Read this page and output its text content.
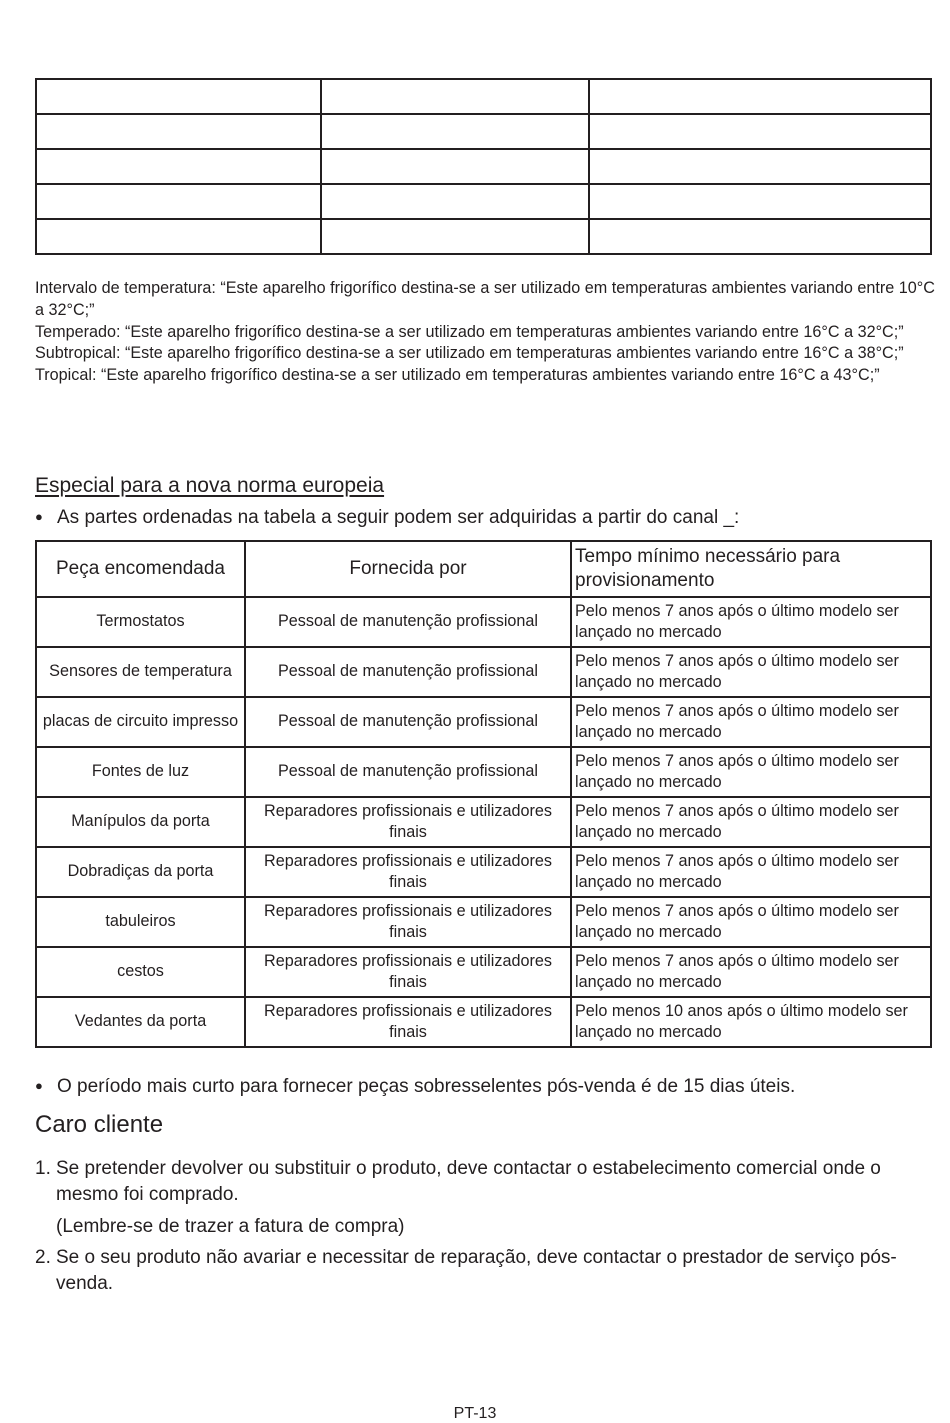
Intervalo de temperatura: “Este aparelho frigorífico destina-se a ser utilizado em temperaturas ambientes variando entre 10°C a 32°C;”

Temperado: “Este aparelho frigorífico destina-se a ser utilizado em temperaturas ambientes variando entre 16°C a 32°C;”

Subtropical: “Este aparelho frigorífico destina-se a ser utilizado em temperaturas ambientes variando entre 16°C a 38°C;”

Tropical: “Este aparelho frigorífico destina-se a ser utilizado em temperaturas ambientes variando entre 16°C a 43°C;”

Especial para a nova norma europeia
● As partes ordenadas na tabela a seguir podem ser adquiridas a partir do canal _:
Peça encomendada	Fornecida por	Tempo mínimo necessário para provisionamento
Termostatos	Pessoal de manutenção profissional	Pelo menos 7 anos após o último modelo ser lançado no mercado
Sensores de temperatura	Pessoal de manutenção profissional	Pelo menos 7 anos após o último modelo ser lançado no mercado
placas de circuito impresso	Pessoal de manutenção profissional	Pelo menos 7 anos após o último modelo ser lançado no mercado
Fontes de luz	Pessoal de manutenção profissional	Pelo menos 7 anos após o último modelo ser lançado no mercado
Manípulos da porta	Reparadores profissionais e utilizadores finais	Pelo menos 7 anos após o último modelo ser lançado no mercado
Dobradiças da porta	Reparadores profissionais e utilizadores finais	Pelo menos 7 anos após o último modelo ser lançado no mercado
tabuleiros	Reparadores profissionais e utilizadores finais	Pelo menos 7 anos após o último modelo ser lançado no mercado
cestos	Reparadores profissionais e utilizadores finais	Pelo menos 7 anos após o último modelo ser lançado no mercado
Vedantes da porta	Reparadores profissionais e utilizadores finais	Pelo menos 10 anos após o último modelo ser lançado no mercado
● O período mais curto para fornecer peças sobresselentes pós-venda é de 15 dias úteis.
Caro cliente
1. Se pretender devolver ou substituir o produto, deve contactar o estabelecimento comercial onde o mesmo foi comprado.
(Lembre-se de trazer a fatura de compra)
2. Se o seu produto não avariar e necessitar de reparação, deve contactar o prestador de serviço pós-venda.
PT-13
